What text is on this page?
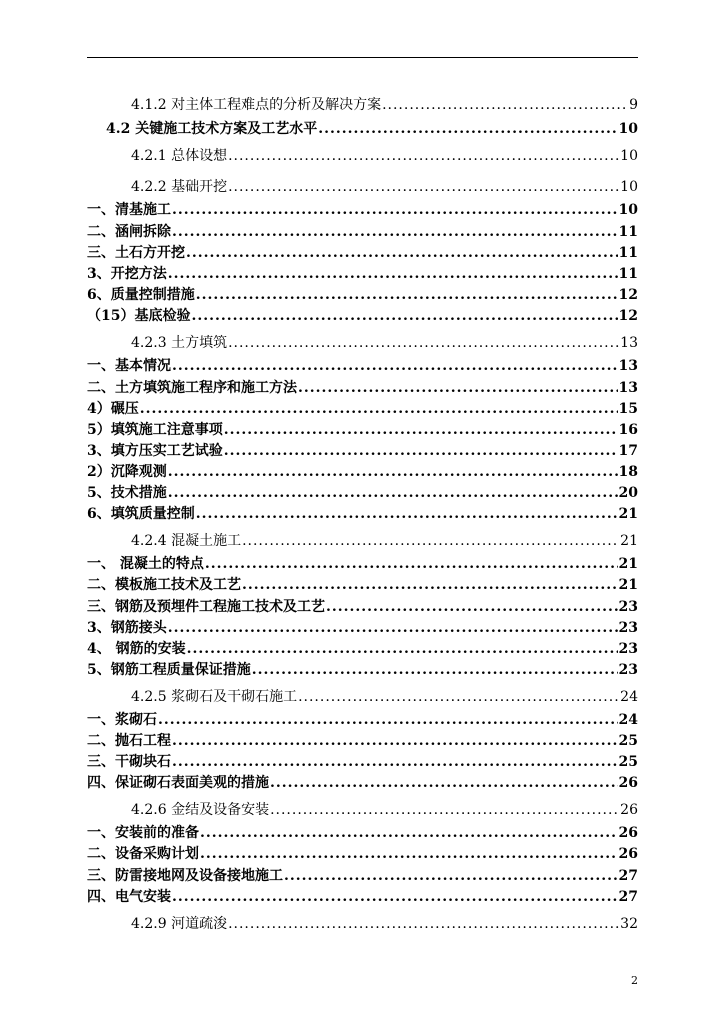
4.1.2 对主体工程难点的分析及解决方案 .....	9
4.2 关键施工技术方案及工艺水平 .....	10
4.2.1 总体设想 .....	10
4.2.2 基础开挖 .....	10
一、清基施工 .....	10
二、涵闸拆除 .....	11
三、土石方开挖 .....	11
3、开挖方法 .....	11
6、质量控制措施 .....	12
（15）基底检验 .....	12
4.2.3 土方填筑 .....	13
一、基本情况 .....	13
二、土方填筑施工程序和施工方法 .....	13
4）碾压 .....	15
5）填筑施工注意事项 .....	16
3、填方压实工艺试验 .....	17
2）沉降观测 .....	18
5、技术措施 .....	20
6、填筑质量控制 .....	21
4.2.4 混凝土施工 .....	21
一、 混凝土的特点 .....	21
二、模板施工技术及工艺 .....	21
三、钢筋及预埋件工程施工技术及工艺 .....	23
3、钢筋接头 .....	23
4、 钢筋的安装 .....	23
5、钢筋工程质量保证措施 .....	23
4.2.5 浆砌石及干砌石施工 .....	24
一、浆砌石 .....	24
二、抛石工程 .....	25
三、干砌块石 .....	25
四、保证砌石表面美观的措施 .....	26
4.2.6 金结及设备安装 .....	26
一、安装前的准备 .....	26
二、设备采购计划 .....	26
三、防雷接地网及设备接地施工 .....	27
四、电气安装 .....	27
4.2.9 河道疏浚 .....	32
2
